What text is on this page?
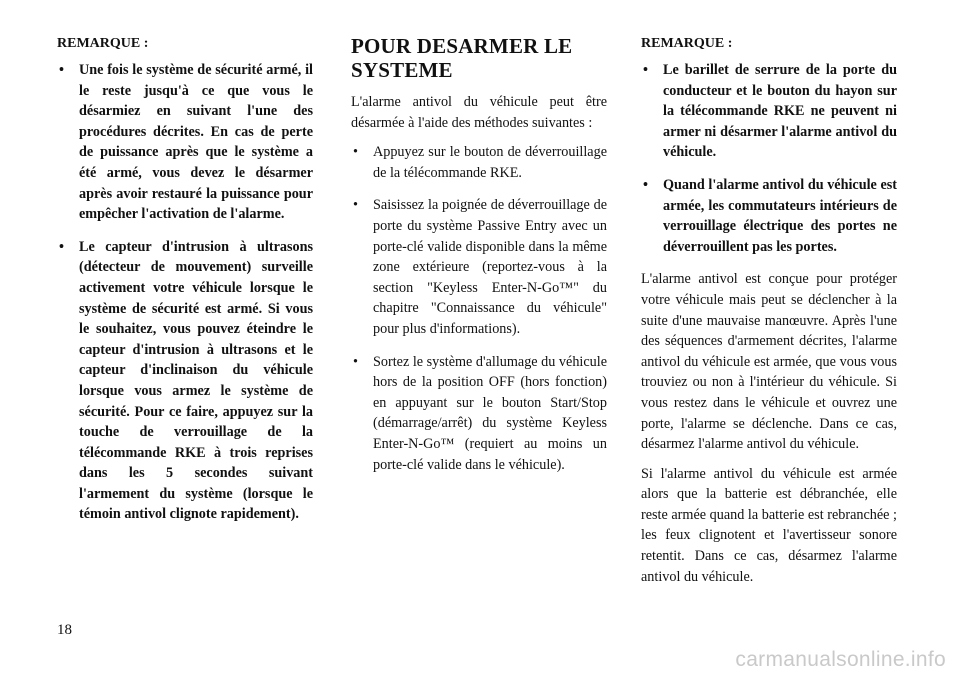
REMARQUE :
• Une fois le système de sécurité armé, il le reste jusqu'à ce que vous le désarmiez en suivant l'une des procédures décrites. En cas de perte de puissance après que le système a été armé, vous devez le désarmer après avoir restauré la puissance pour empêcher l'activation de l'alarme.
• Le capteur d'intrusion à ultrasons (détecteur de mouvement) surveille activement votre véhicule lorsque le système de sécurité est armé. Si vous le souhaitez, vous pouvez éteindre le capteur d'intrusion à ultrasons et le capteur d'inclinaison du véhicule lorsque vous armez le système de sécurité. Pour ce faire, appuyez sur la touche de verrouillage de la télécommande RKE à trois reprises dans les 5 secondes suivant l'armement du système (lorsque le témoin antivol clignote rapidement).
POUR DESARMER LE SYSTEME

L'alarme antivol du véhicule peut être désarmée à l'aide des méthodes suivantes :

• Appuyez sur le bouton de déverrouillage de la télécommande RKE.
• Saisissez la poignée de déverrouillage de porte du système Passive Entry avec un porte-clé valide disponible dans la même zone extérieure (reportez-vous à la section "Keyless Enter-N-Go™" du chapitre "Connaissance du véhicule" pour plus d'informations).
• Sortez le système d'allumage du véhicule hors de la position OFF (hors fonction) en appuyant sur le bouton Start/Stop (démarrage/arrêt) du système Keyless Enter-N-Go™ (requiert au moins un porte-clé valide dans le véhicule).
REMARQUE :
• Le barillet de serrure de la porte du conducteur et le bouton du hayon sur la télécommande RKE ne peuvent ni armer ni désarmer l'alarme antivol du véhicule.
• Quand l'alarme antivol du véhicule est armée, les commutateurs intérieurs de verrouillage électrique des portes ne déverrouillent pas les portes.

L'alarme antivol est conçue pour protéger votre véhicule mais peut se déclencher à la suite d'une mauvaise manœuvre. Après l'une des séquences d'armement décrites, l'alarme antivol du véhicule est armée, que vous vous trouviez ou non à l'intérieur du véhicule. Si vous restez dans le véhicule et ouvrez une porte, l'alarme se déclenche. Dans ce cas, désarmez l'alarme antivol du véhicule.

Si l'alarme antivol du véhicule est armée alors que la batterie est débranchée, elle reste armée quand la batterie est rebranchée ; les feux clignotent et l'avertisseur sonore retentit. Dans ce cas, désarmez l'alarme antivol du véhicule.

18
carmanualsonline.info
